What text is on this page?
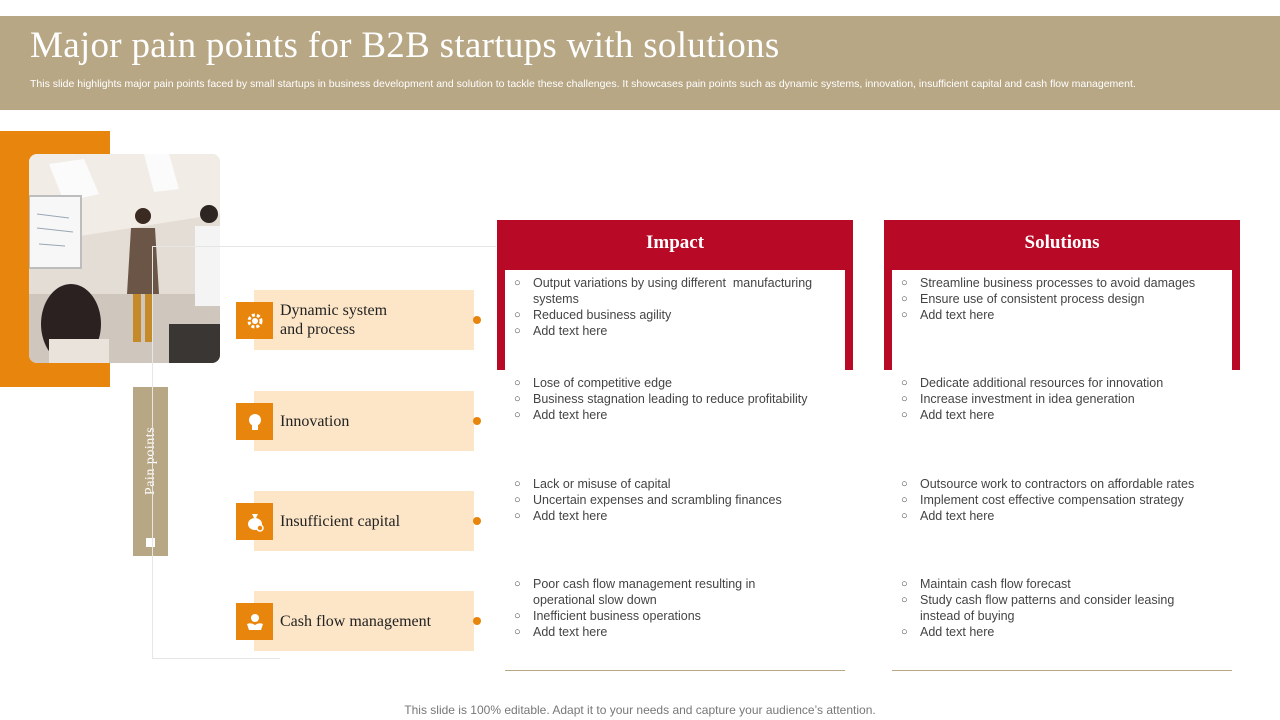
Major pain points for B2B startups with solutions
This slide highlights major pain points faced by small startups in business development and solution to tackle these challenges. It showcases pain points such as dynamic systems, innovation, insufficient capital and cash flow management.
Pain points
Dynamic system and process
Innovation
Insufficient capital
Cash flow management
Impact	Solutions
○ Output variations by using different  manufacturing systems
○ Reduced business agility
○ Add text here
○ Lose of competitive edge
○ Business stagnation leading to reduce profitability
○ Add text here
○ Lack or misuse of capital
○ Uncertain expenses and scrambling finances
○ Add text here
○ Poor cash flow management resulting in operational slow down
○ Inefficient business operations
○ Add text here
○ Streamline business processes to avoid damages
○ Ensure use of consistent process design
○ Add text here
○ Dedicate additional resources for innovation
○ Increase investment in idea generation
○ Add text here
○ Outsource work to contractors on affordable rates
○ Implement cost effective compensation strategy
○ Add text here
○ Maintain cash flow forecast
○ Study cash flow patterns and consider leasing instead of buying
○ Add text here
This slide is 100% editable. Adapt it to your needs and capture your audience’s attention.
